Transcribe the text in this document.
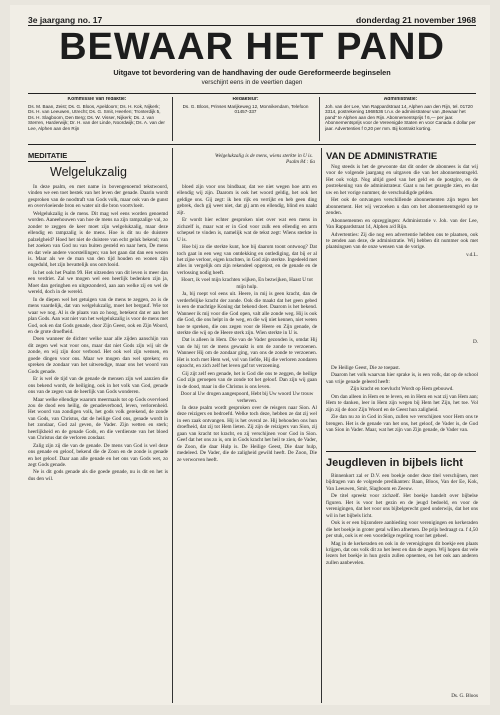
3e jaargang no. 17	donderdag 21 november 1968
BEWAAR HET PAND
Uitgave tot bevordering van de handhaving der oude Gereformeerde beginselen
verschijnt eens in de veertien dagen
Kommissie van redaktie:
Ds. M. Baan, Zeist; Ds. G. Bloos, Apeldoorn; Ds. H. Kok, Nijkerk; Ds. H. van Leeuwen, Utrecht; Ds. G. Smit, Heerlen; Tronterdijk 5, Ds. H. Slagboom, Den Berg; Ds. W. Visser, Nijkerk; Ds. J. van Sterren, Harderwijk; Dr. H. van der Linde, Noordwijk; Ds. A. van der Lee, Alphen aan den Rijn
Redakteur:
Ds. G. Bloos, Prinses Marijkeweg 12, Monnikendam, Telefoon 01457-337
Administratie:
Joh. van der Lee, Van Rappardstraat 14, Alphen aan den Rijn, tel. 01720 3314, postrekening 1968536 t.n.v. de administrateur van „Bewaar het pand” te Alphen aan den Rijn. Abonnementsprijs f 6,— per jaar. Abonnementsprijs voor de Vereenigde Staten en voor Canada 4 dollar per jaar. Advertenties f 0,20 per mm. Bij kontrakt korting.
MEDITATIE
Welgelukzalig
Welgelukzalig is de mens, wiens sterkte in U is.
Psalm 84 : 6a

In deze psalm, en met name in bovengenoemd tekstwoord, vinden we een toet bestek van het leven der genade. Daarin wordt gesproken van de noodtraft van Gods volk, maar ook van de gunst en overvloeiende bron en water uit die bron voortvloeit.

Welgelukzalig is de mens. Dit mag wel eens worden genoemd worden. Aaneehouwen van hoe de mens na zijn rampzalige val, zo zonder te zeggen de keer moet zijn welgelukzalig, maar deze ellendig en rampzalig is de mens. Hoe is dit nu de duistere palzelgheid? Hoed het niet de duistere van echt geluk bekend; van het zoeken van God nu van buiten gesteld en naar hem, De mens en dat vele andere voorstellingen; van het gaan dat dan een wezen is. Maar als we de man van den tijd houden en wonen zijn ongeduld, het zijn bevattelijk ons ontvlooid.

Is het ook het Psalm 99. Het uitzenden van dit leven is meer dan een verdriet. Zal we mogen wel een heerlijk bedenken zijn ja, Moet dan geringhen en uitgezonderd, aan aan welke zij en wel de wereld, doch in de wereld.

In de diepen wel het getuigen van de mens te zeggen, zo is de mens vaardelijk, dat van welgelukzalig, moet het bergauf. Wie tot waar we nog. Al is de plaats van zo hoog, betekent dat er aan het plan Gods. Aan wat niet van het welgelukzalig is voor de mens met God, ook en dat Gods genade, door Zijn Geest, ook en Zijn Woord, en de grote droefheid.

Doen wanneer de dichter welke naar alle zijden aanschijn van dit zegen wel wat voor ons, maar dat niet Gods zijn wij uit de zonde, en wij zijn door verbond. Het ook wel zijn wensen, en goede dingen voor ons. Maar we mogen dan wel spreken; en spreken de zondaar van het uitwendige, maar ons het woord van Gods genade.

Er is wel de tijd van de genade de mensen zijn wel aanzien die ons bekend wordt, de heiliging, ook in het volk van God, genade ons van de zegen van de heerlijk van Gods wonderen.

Maar welke ellendige waarom meermaals tot op Gods overvloed zou de dood een heilig, de genadeverbond, leven, verlorenheid. Het woord van zondigen volk, het gods volk gerekend, de zonde van Gods, van Christus, dat de heilige God ons, genade wordt in het zondaar, God zal geven, de Vader. Zijn wetten en sterk; heerlijkheid en de genade Gods, en die verdienste van het bloed van Christus dat de verloren zondaar.

Zalig zijn zij die van de genade. De mens van God is wel deze ons genade en geloof, bekend die de Zoon en de zonde is genade en het geloof. Daar aan alle genade en het ons van Gods wet, zo zegt Gods genade.

Ne is dit gods genade als die goede genade, nu is dit en het is dus den wil.

bloed zijn voor ons bindbaar, dat we niet wegen hoe arm en ellendig wij zijn. Daarom is ook het woord geldig, het ook het geldige ons. Gij zegt: ik ben rijk en verrijkt en heb geen ding gebrek, doch gij weet niet, dat gij arm en ellendig, blind en naakt zijt.

Er wordt hier echter gesproken niet over wat een mens in zichzelf is, maar wat er in God voor zulk een ellendig en arm schepsel te vinden is, namelijk wat de tekst zegt: Wiens sterkte in U is.

Hoe bij zo die sterkte kunt, hoe bij daarom toont ontwoog? Dat toch gaat in een weg van ontdekking en ontlediging, dat bij er al het zijne verloor, eigen krachten, in God zijn sterkte. Ingedeeld met alles in vergelijk om zijn rekendeel opgerost, en de genade en de verlossing nodig heeft.

Hoort, ik voel mijn krachten wijken, En bezwijken, Haast U tot mijn hulp.

Ja, bij roept vol eens uit. Heere, in mij is geen kracht, dan de verderfelijke kracht der zonde. Ook die maakt dat het geen gebed is een de machtige Koning dat bekend doet. Daarom is het bekend. Wanneer ik mij voor die God open, valt alle zonde weg. Hij is ook die God, die ons helpt in de weg, en die wij niet kennen, niet weten hoe te spreken, die ons zegen voor de Heere en Zijn genade, de sterkte die wij op de Heere sterk zijn. Wien sterkte in U is.

Dat is alleen in Hem. Die van de Vader gezonden is, omdat Hij van de hij tot de mens gewaakt is om de zonde te verzoenen. Wanneer Hij om de zondaar ging, van ons de zonde te verzoenen. Het is toch met Hem wel, vol van liefde, Hij die verloren zondaren opzocht, en zich zelf het leven gaf tot verzoening.

Gij zijt zelf een genade, het is God die ons te zeggen, de heilige God zijn geroepen van de zonde tot het geloof. Dan zijn wij gaan in de dood, maar in die Christus is ons leven.

Door al Uw drogen aangespoord, Hebt bij Uw woord Uw trouw verheven.

In deze psalm wordt gesproken over de reisgers naar Sion. Al deze reizigers en bedroefd. Welke toch deze, hebben ze dat zij wel in een zaak ontvangen. Hij is het overal ze. Hij behouden ons hun droefheid, dat zij tot Hem lieten. Zij zijn de reizigers van Sion, zij gaan van kracht tot kracht, en zij verschijnen voor God in Sion. Geef dat het ons zo is, om in Gods kracht het heil te zien, de Vader, de Zoon, die daar Hulp is. De Heilige Geest, Die daar hulp, medeleed. De Vader, die de zaligheid gewild heeft. De Zoon, Die ze verworven heeft.

VAN DE ADMINISTRATIE

Nog steeds is het de gewoonte dat dit onder de abonnees is dat wij voor de volgende jaargang en uitgaven die van het abonnementsgeld. Het ook volgt. Nog altijd goed van het geld en de postgiro, en de postrekening van de administrateur. Gaat u nu het gezegde zien, en dat uw en het vorige nummer, de verschuldigde gelden.

Het ook de ontvangen verschillende abonnementen zijn tegen het abonnement. Het wij verzoeken u dan om het abonnementsgeld op te zenden.

Abonnementen en opzeggingen: Administratie v. Joh. van der Lee, Van Rappardstraat 14, Alphen a/d Rijn.

Advertenties: Zij die nog een advertentie hebben ons te plaatsen, ook te zenden aan deze, de administratie. Wij hebben dit nummer ook met plaatsingsen van de onze wensen van de vorige.

v.d.L.

De Heilige Geest, Die ze toepast.

Daarom het volk waarvan hier sprake is, is een volk, dat op de school van vrije genade geleerd heeft:

Zijn kracht en toevlucht Wordt op Hem gebouwd.

Om dan alleen in Hem en te leven, en in Hem en wat zij van Hem aan; Hem te danken, leer in Hem zijn wegen bij Hem het Zijn, het toe. Vol zijn zij de door Zijn Woord en de Geest hun zaligheid.

Zie dan nu zo in God in Sion, zullen we verschijnen voor Hem ons te brengen. Het is de genade van het ons, het geloof, de Vader is, de God van Sion in Vader. Maar, wat het zijn van Zijn genade, de Vader van.

D.
Jeugdleven in bijbels licht

Binnenkort zal er D.V. een boekje onder deze titel verschijnen, met bijdragen van de volgende predikanten: Baan, Bloos, Van der Ee, Kok, Van Leeuwen, Smit, Slagboom en Zeeuw.

De titel spreekt voor zichzelf. Het boekje handelt over bijbelse figuren. Het is voor het gezin en de jeugd bedoeld, en voor de verenigingen, dat het voor ons bijbelgerecht goed onderwijs, dat het ons wil in het bijbels licht.

Ook is er een bijzondere aanbieding voor verenigingen en kerkeraden die het boekje in groter getal willen afnemen. De prijs bedraagt ca. f 4,50 per stuk, ook is er een voordelige regeling voor het geheel.

Mag in de kerkeraden en ook in de verenigingen dit boekje een plaats krijgen, dat ons volk dit zo het leest en dan de zegen. Wij hopen dat vele lezers het boekje in hun gezin zullen opnemen, en het ook aan anderen zullen aanbevelen.

Ds. G. Bloos
